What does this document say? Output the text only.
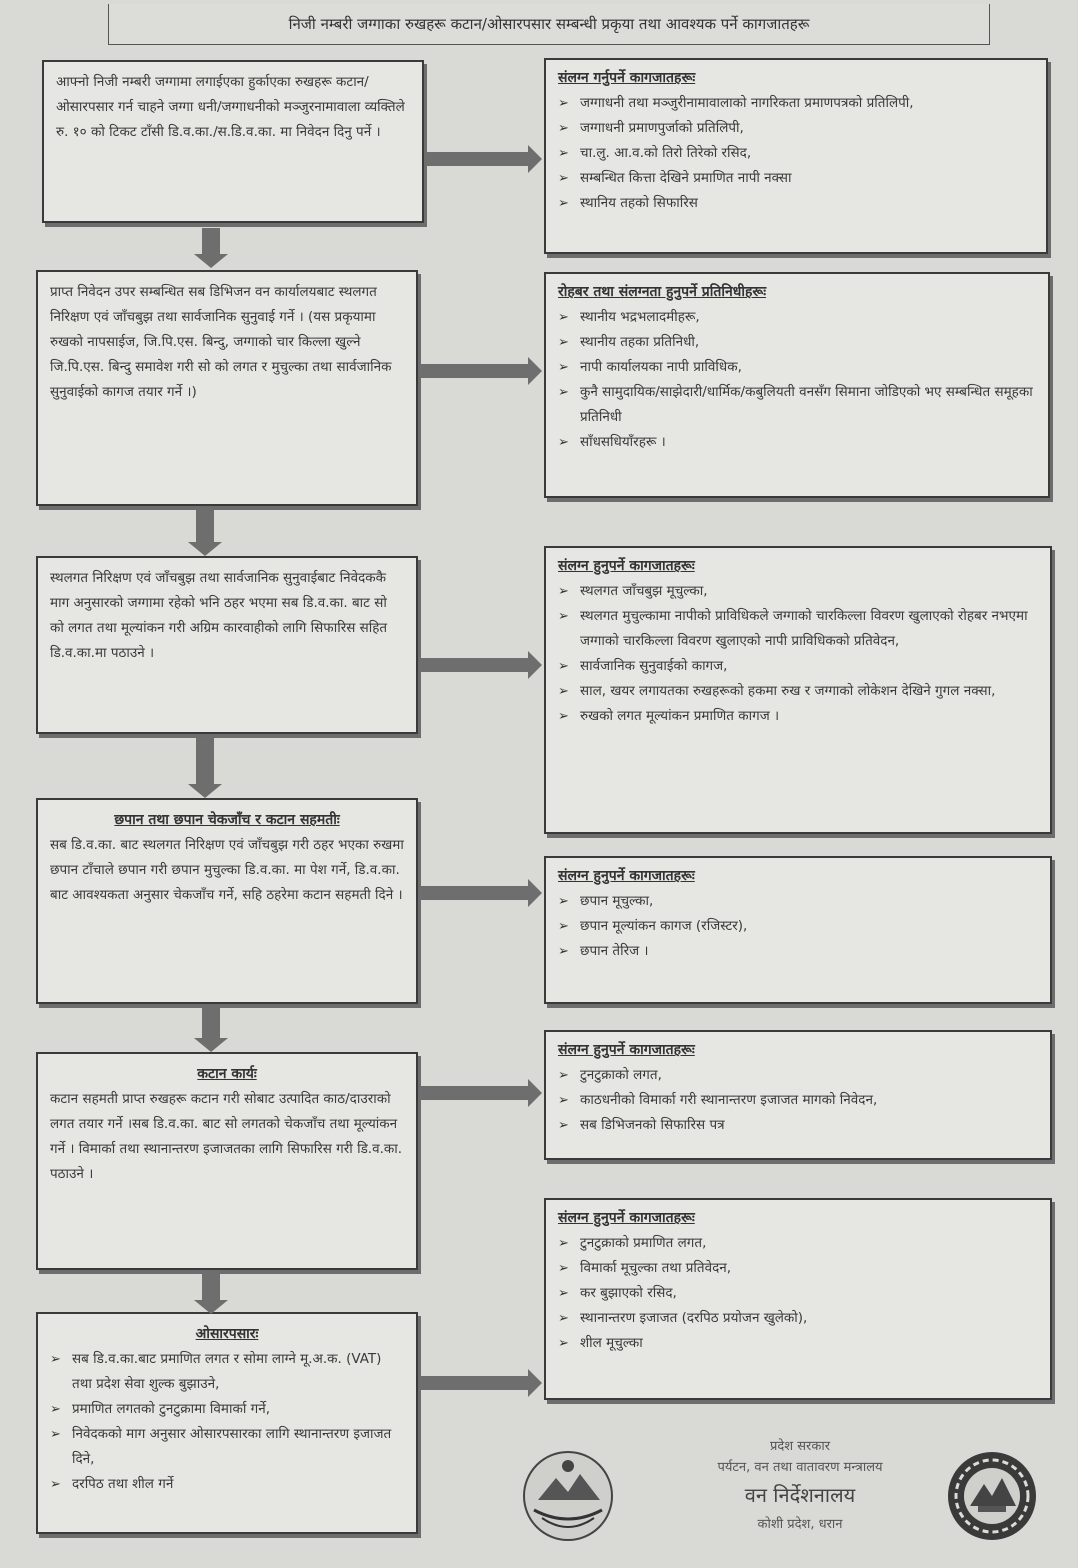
निजी नम्बरी जग्गाका रुखहरू कटान/ओसारपसार सम्बन्धी प्रकृया तथा आवश्यक पर्ने कागजातहरू
आफ्नो निजी नम्बरी जग्गामा लगाईएका हुर्काएका रुखहरू कटान/ओसारपसार गर्न चाहने जग्गा धनी/जग्गाधनीको मञ्जुरनामावाला व्यक्तिले रु. १० को टिकट टाँसी डि.व.का./स.डि.व.का. मा निवेदन दिनु पर्ने ।
प्राप्त निवेदन उपर सम्बन्धित सब डिभिजन वन कार्यालयबाट स्थलगत निरिक्षण एवं जाँचबुझ तथा सार्वजानिक सुनुवाई गर्ने । (यस प्रकृयामा रुखको नापसाईज, जि.पि.एस. बिन्दु, जग्गाको चार किल्ला खुल्ने जि.पि.एस. बिन्दु समावेश गरी सो को लगत र मुचुल्का तथा सार्वजानिक सुनुवाईको कागज तयार गर्ने ।)
स्थलगत निरिक्षण एवं जाँचबुझ तथा सार्वजानिक सुनुवाईबाट निवेदककै माग अनुसारको जग्गामा रहेको भनि ठहर भएमा सब डि.व.का. बाट सो को लगत तथा मूल्यांकन गरी अग्रिम कारवाहीको लागि सिफारिस सहित डि.व.का.मा पठाउने ।
छपान तथा छपान चेकजाँच र कटान सहमतीः
सब डि.व.का. बाट स्थलगत निरिक्षण एवं जाँचबुझ गरी ठहर भएका रुखमा छपान टाँचाले छपान गरी छपान मुचुल्का डि.व.का. मा पेश गर्ने, डि.व.का. बाट आवश्यकता अनुसार चेकजाँच गर्ने, सहि ठहरेमा कटान सहमती दिने ।
कटान कार्यः
कटान सहमती प्राप्त रुखहरू कटान गरी सोबाट उत्पादित काठ/दाउराको लगत तयार गर्ने ।सब डि.व.का. बाट सो लगतको चेकजाँच तथा मूल्यांकन गर्ने । विमार्का तथा स्थानान्तरण इजाजतका लागि सिफारिस गरी डि.व.का. पठाउने ।
ओसारपसारः
➢ सब डि.व.का.बाट प्रमाणित लगत र सोमा लाग्ने मू.अ.क. (VAT) तथा प्रदेश सेवा शुल्क बुझाउने,
➢ प्रमाणित लगतको टुनटुक्रामा विमार्का गर्ने,
➢ निवेदकको माग अनुसार ओसारपसारका लागि स्थानान्तरण इजाजत दिने,
➢ दरपिठ तथा शील गर्ने
संलग्न गर्नुपर्ने कागजातहरूः
➢ जग्गाधनी तथा मञ्जुरीनामावालाको नागरिकता प्रमाणपत्रको प्रतिलिपी,
➢ जग्गाधनी प्रमाणपुर्जाको प्रतिलिपी,
➢ चा.लु. आ.व.को तिरो तिरेको रसिद,
➢ सम्बन्धित कित्ता देखिने प्रमाणित नापी नक्सा
➢ स्थानिय तहको सिफारिस
रोहबर तथा संलग्नता हुनुपर्ने प्रतिनिधीहरूः
➢ स्थानीय भद्रभलादमीहरू,
➢ स्थानीय तहका प्रतिनिधी,
➢ नापी कार्यालयका नापी प्राविधिक,
➢ कुनै सामुदायिक/साझेदारी/धार्मिक/कबुलियती वनसँग सिमाना जोडिएको भए सम्बन्धित समूहका प्रतिनिधी
➢ साँधसधियाँरहरू ।
संलग्न हुनुपर्ने कागजातहरूः
➢ स्थलगत जाँचबुझ मूचुल्का,
➢ स्थलगत मुचुल्कामा नापीको प्राविधिकले जग्गाको चारकिल्ला विवरण खुलाएको रोहबर नभएमा जग्गाको चारकिल्ला विवरण खुलाएको नापी प्राविधिकको प्रतिवेदन,
➢ सार्वजानिक सुनुवाईको कागज,
➢ साल, खयर लगायतका रुखहरूको हकमा रुख र जग्गाको लोकेशन देखिने गुगल नक्सा,
➢ रुखको लगत मूल्यांकन प्रमाणित कागज ।
संलग्न हुनुपर्ने कागजातहरूः
➢ छपान मूचुल्का,
➢ छपान मूल्यांकन कागज (रजिस्टर),
➢ छपान तेरिज ।
संलग्न हुनुपर्ने कागजातहरूः
➢ टुनटुक्राको लगत,
➢ काठधनीको विमार्का गरी स्थानान्तरण इजाजत मागको निवेदन,
➢ सब डिभिजनको सिफारिस पत्र
संलग्न हुनुपर्ने कागजातहरूः
➢ टुनटुक्राको प्रमाणित लगत,
➢ विमार्का मूचुल्का तथा प्रतिवेदन,
➢ कर बुझाएको रसिद,
➢ स्थानान्तरण इजाजत (दरपिठ प्रयोजन खुलेको),
➢ शील मूचुल्का
प्रदेश सरकार
पर्यटन, वन तथा वातावरण मन्त्रालय
वन निर्देशनालय
कोशी प्रदेश, धरान
